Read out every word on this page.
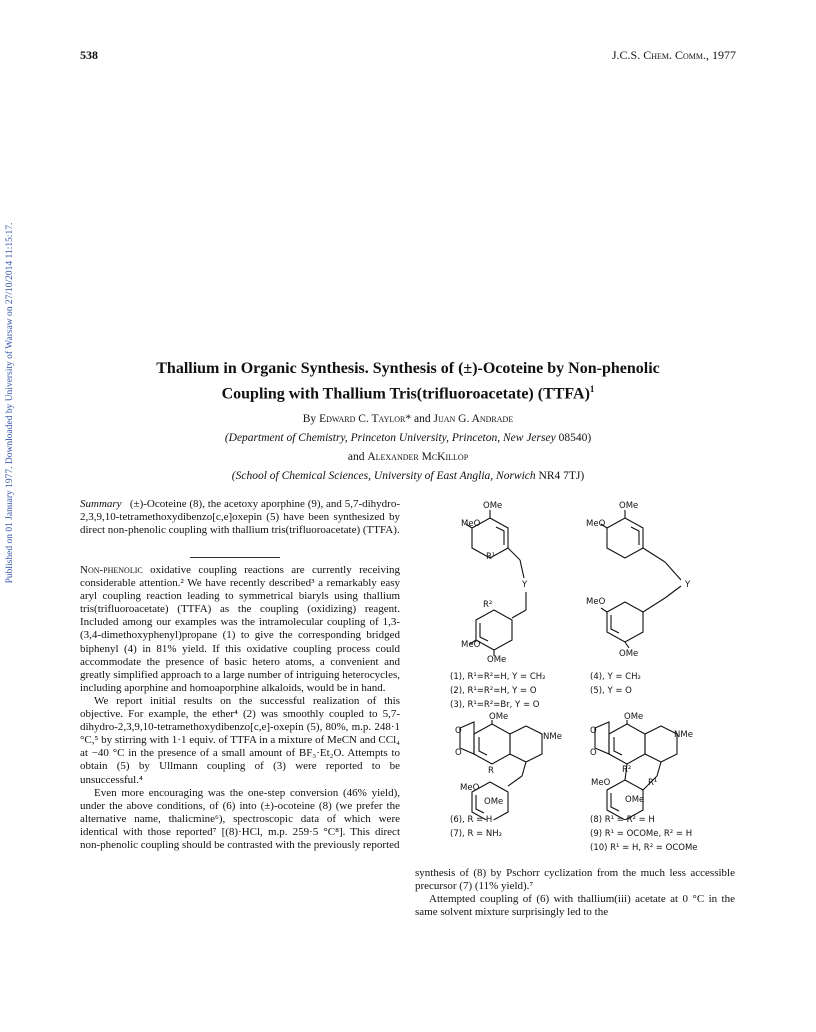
538	J.C.S. Chem. Comm., 1977
Published on 01 January 1977. Downloaded by University of Warsaw on 27/10/2014 11:15:17.	Thallium in Organic Synthesis. Synthesis of (±)-Ocoteine by Non-phenolic
Coupling with Thallium Tris(trifluoroacetate) (TTFA)$^1$
By Edward C. Taylor* and Juan G. Andrade
(Department of Chemistry, Princeton University, Princeton, New Jersey 08540)
and Alexander McKillop
(School of Chemical Sciences, University of East Anglia, Norwich NR4 7TJ)
Summary (±)-Ocoteine (8), the acetoxy aporphine (9), and 5,7-dihydro-2,3,9,10-tetramethoxydibenzo[c,e]oxepin (5) have been synthesized by direct non-phenolic coupling with thallium tris(trifluoroacetate) (TTFA).

Non-phenolic oxidative coupling reactions are currently receiving considerable attention.² We have recently described³ a remarkably easy aryl coupling reaction leading to symmetrical biaryls using thallium tris(trifluoroacetate) (TTFA) as the coupling (oxidizing) reagent. Included among our examples was the intramolecular coupling of 1,3-(3,4-dimethoxyphenyl)propane (1) to give the corresponding bridged biphenyl (4) in 81% yield. If this oxidative coupling process could accommodate the presence of basic hetero atoms, a convenient and greatly simplified approach to a large number of intriguing heterocycles, including aporphine and homoaporphine alkaloids, would be in hand.

We report initial results on the successful realization of this objective. For example, the ether⁴ (2) was smoothly coupled to 5,7-dihydro-2,3,9,10-tetramethoxydibenzo[c,e]-oxepin (5), 80%, m.p. 248·1 °C,⁵ by stirring with 1·1 equiv. of TTFA in a mixture of MeCN and CCl₄ at −40 °C in the presence of a small amount of BF₃·Et₂O. Attempts to obtain (5) by Ullmann coupling of (3) were reported to be unsuccessful.⁴

Even more encouraging was the one-step conversion (46% yield), under the above conditions, of (6) into (±)-ocoteine (8) (we prefer the alternative name, thalicmine⁶), spectroscopic data of which were identical with those reported⁷ [(8)·HCl, m.p. 259·5 °C⁸]. This direct non-phenolic coupling should be contrasted with the previously reported

synthesis of (8) by Pschorr cyclization from the much less accessible precursor (7) (11% yield).⁷

Attempted coupling of (6) with thallium(iii) acetate at 0 °C in the same solvent mixture surprisingly led to the

OMe
MeO
R¹
Y
R²
MeO
OMe
OMe
MeO
Y
MeO
OMe
(1), R¹=R²=H, Y = CH₂
(2), R¹=R²=H, Y = O
(3), R¹=R²=Br, Y = O
(4), Y = CH₂
(5), Y = O
O
O
OMe
NMe
R
MeO
OMe
O
O
OMe
NMe
R²
MeO	R¹
OMe
(6), R = H
(7), R = NH₂
(8) R¹ = R² = H
(9) R¹ = OCOMe, R² = H
(10) R¹ = H, R² = OCOMe
